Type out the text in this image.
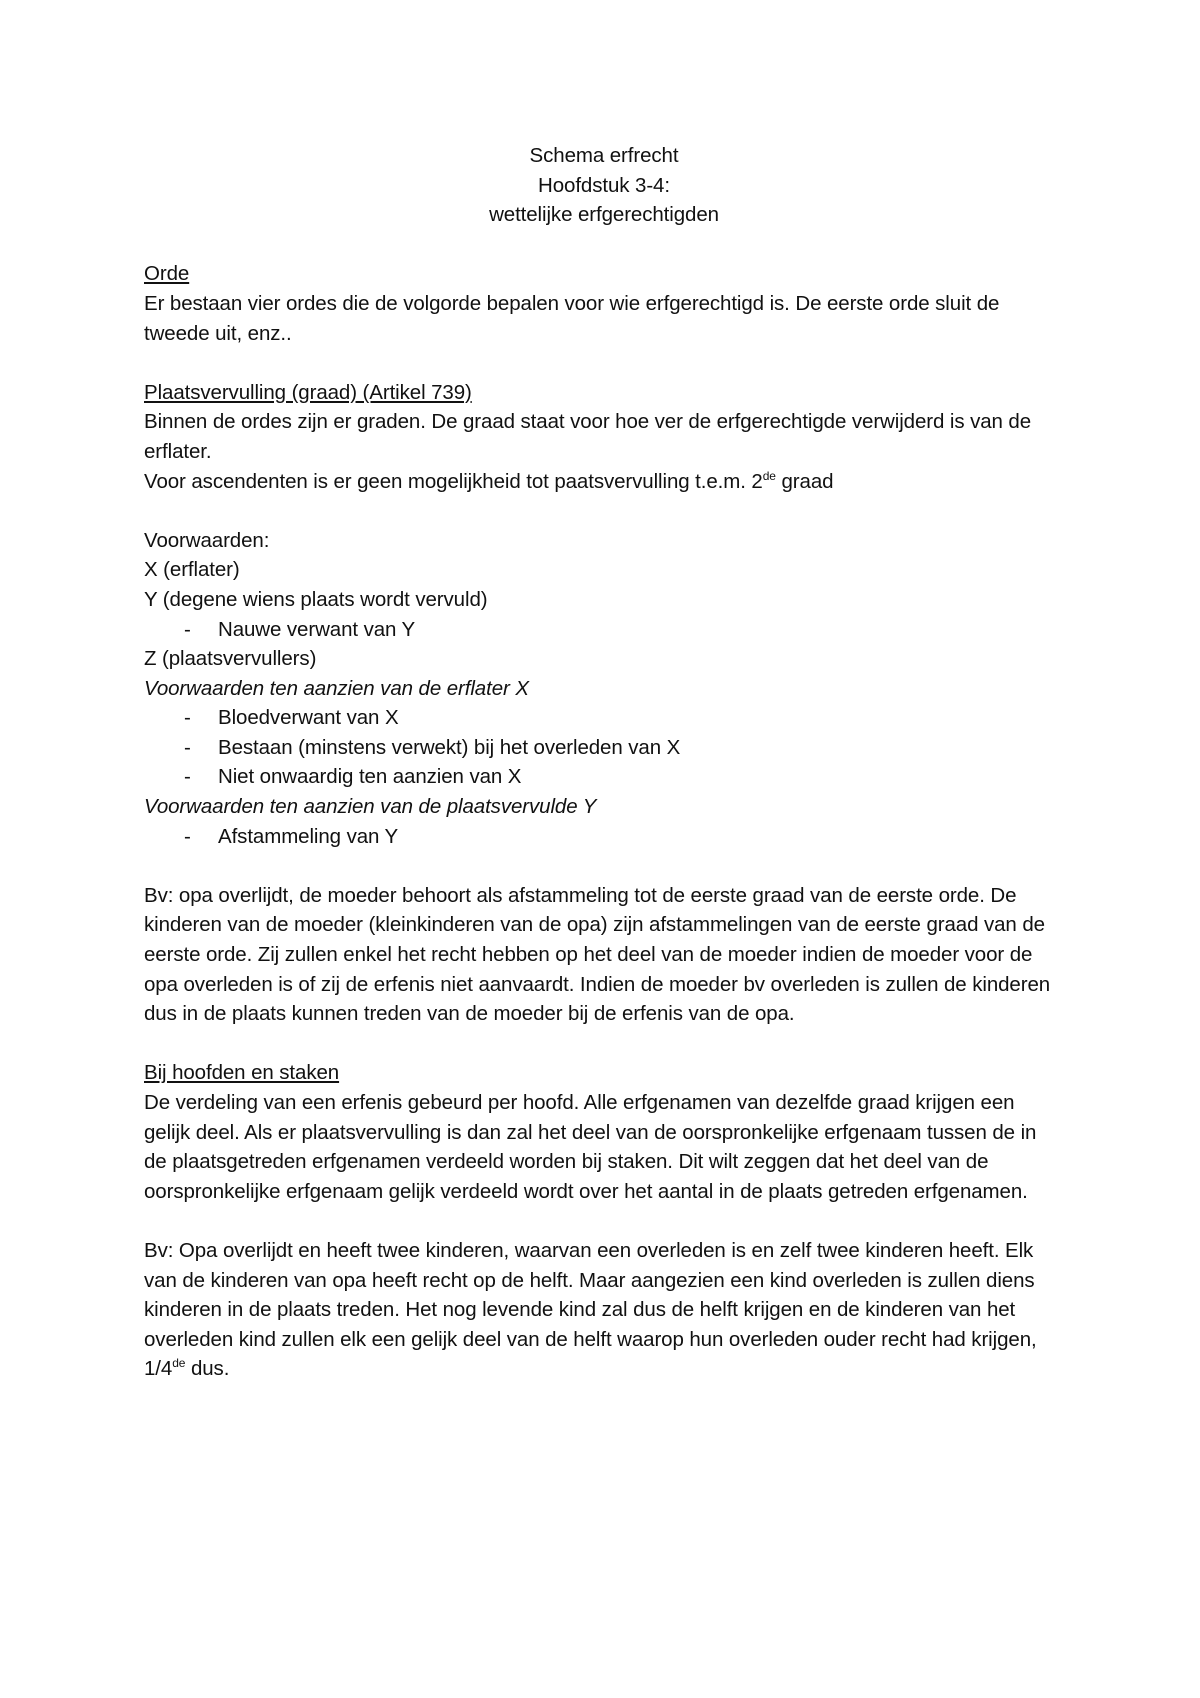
Schema erfrecht
Hoofdstuk 3-4:
wettelijke erfgerechtigden

Orde

Er bestaan vier ordes die de volgorde bepalen voor wie erfgerechtigd is. De eerste orde sluit de tweede uit, enz..

Plaatsvervulling (graad) (Artikel 739)

Binnen de ordes zijn er graden. De graad staat voor hoe ver de erfgerechtigde verwijderd is van de erflater.

Voor ascendenten is er geen mogelijkheid tot paatsvervulling t.e.m. 2de graad

Voorwaarden:

X (erflater)

Y (degene wiens plaats wordt vervuld)

- Nauwe verwant van Y

Z (plaatsvervullers)

Voorwaarden ten aanzien van de erflater X

- Bloedverwant van X
- Bestaan (minstens verwekt) bij het overleden van X
- Niet onwaardig ten aanzien van X

Voorwaarden ten aanzien van de plaatsvervulde Y

- Afstammeling van Y

Bv: opa overlijdt, de moeder behoort als afstammeling tot de eerste graad van de eerste orde. De kinderen van de moeder (kleinkinderen van de opa) zijn afstammelingen van de eerste graad van de eerste orde. Zij zullen enkel het recht hebben op het deel van de moeder indien de moeder voor de opa overleden is of zij de erfenis niet aanvaardt. Indien de moeder bv overleden is zullen de kinderen dus in de plaats kunnen treden van de moeder bij de erfenis van de opa.

Bij hoofden en staken

De verdeling van een erfenis gebeurd per hoofd. Alle erfgenamen van dezelfde graad krijgen een gelijk deel. Als er plaatsvervulling is dan zal het deel van de oorspronkelijke erfgenaam tussen de in de plaatsgetreden erfgenamen verdeeld worden bij staken. Dit wilt zeggen dat het deel van de oorspronkelijke erfgenaam gelijk verdeeld wordt over het aantal in de plaats getreden erfgenamen.

Bv: Opa overlijdt en heeft twee kinderen, waarvan een overleden is en zelf twee kinderen heeft. Elk van de kinderen van opa heeft recht op de helft. Maar aangezien een kind overleden is zullen diens kinderen in de plaats treden. Het nog levende kind zal dus de helft krijgen en de kinderen van het overleden kind zullen elk een gelijk deel van de helft waarop hun overleden ouder recht had krijgen, 1/4de dus.
